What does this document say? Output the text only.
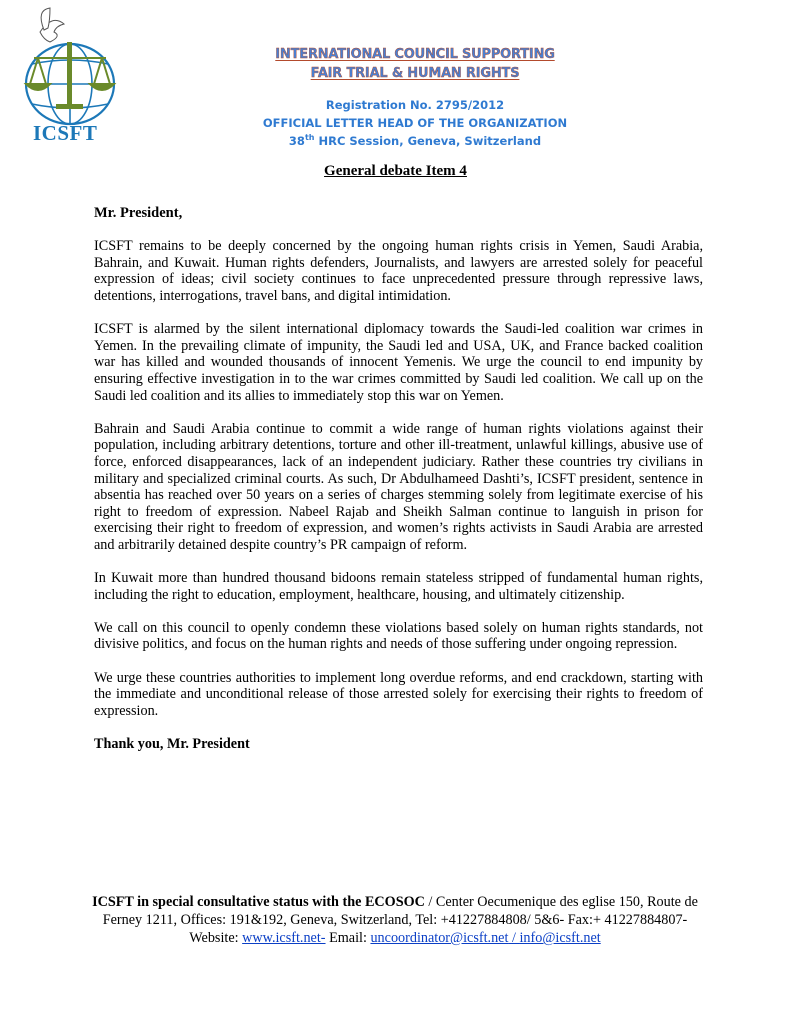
ICSFT
INTERNATIONAL COUNCIL SUPPORTING
FAIR TRIAL & HUMAN RIGHTS
Registration No. 2795/2012
OFFICIAL LETTER HEAD OF THE ORGANIZATION
38th HRC Session, Geneva, Switzerland
General debate Item 4

Mr. President,

ICSFT remains to be deeply concerned by the ongoing human rights crisis in Yemen, Saudi Arabia, Bahrain, and Kuwait. Human rights defenders, Journalists, and lawyers are arrested solely for peaceful expression of ideas; civil society continues to face unprecedented pressure through repressive laws, detentions, interrogations, travel bans, and digital intimidation.

ICSFT is alarmed by the silent international diplomacy towards the Saudi-led coalition war crimes in Yemen. In the prevailing climate of impunity, the Saudi led and USA, UK, and France backed coalition war has killed and wounded thousands of innocent Yemenis. We urge the council to end impunity by ensuring effective investigation in to the war crimes committed by Saudi led coalition. We call up on the Saudi led coalition and its allies to immediately stop this war on Yemen.

Bahrain and Saudi Arabia continue to commit a wide range of human rights violations against their population, including arbitrary detentions, torture and other ill-treatment, unlawful killings, abusive use of force, enforced disappearances, lack of an independent judiciary. Rather these countries try civilians in military and specialized criminal courts. As such, Dr Abdulhameed Dashti’s, ICSFT president, sentence in absentia has reached over 50 years on a series of charges stemming solely from legitimate exercise of his right to freedom of expression. Nabeel Rajab and Sheikh Salman continue to languish in prison for exercising their right to freedom of expression, and women’s rights activists in Saudi Arabia are arrested and arbitrarily detained despite country’s PR campaign of reform.

In Kuwait more than hundred thousand bidoons remain stateless stripped of fundamental human rights, including the right to education, employment, healthcare, housing, and ultimately citizenship.

We call on this council to openly condemn these violations based solely on human rights standards, not divisive politics, and focus on the human rights and needs of those suffering under ongoing repression.

We urge these countries authorities to implement long overdue reforms, and end crackdown, starting with the immediate and unconditional release of those arrested solely for exercising their rights to freedom of expression.

Thank you, Mr. President

ICSFT in special consultative status with the ECOSOC / Center Oecumenique des eglise 150, Route de Ferney 1211, Offices: 191&192, Geneva, Switzerland, Tel: +41227884808/ 5&6- Fax:+ 41227884807- Website: www.icsft.net- Email: uncoordinator@icsft.net / info@icsft.net
